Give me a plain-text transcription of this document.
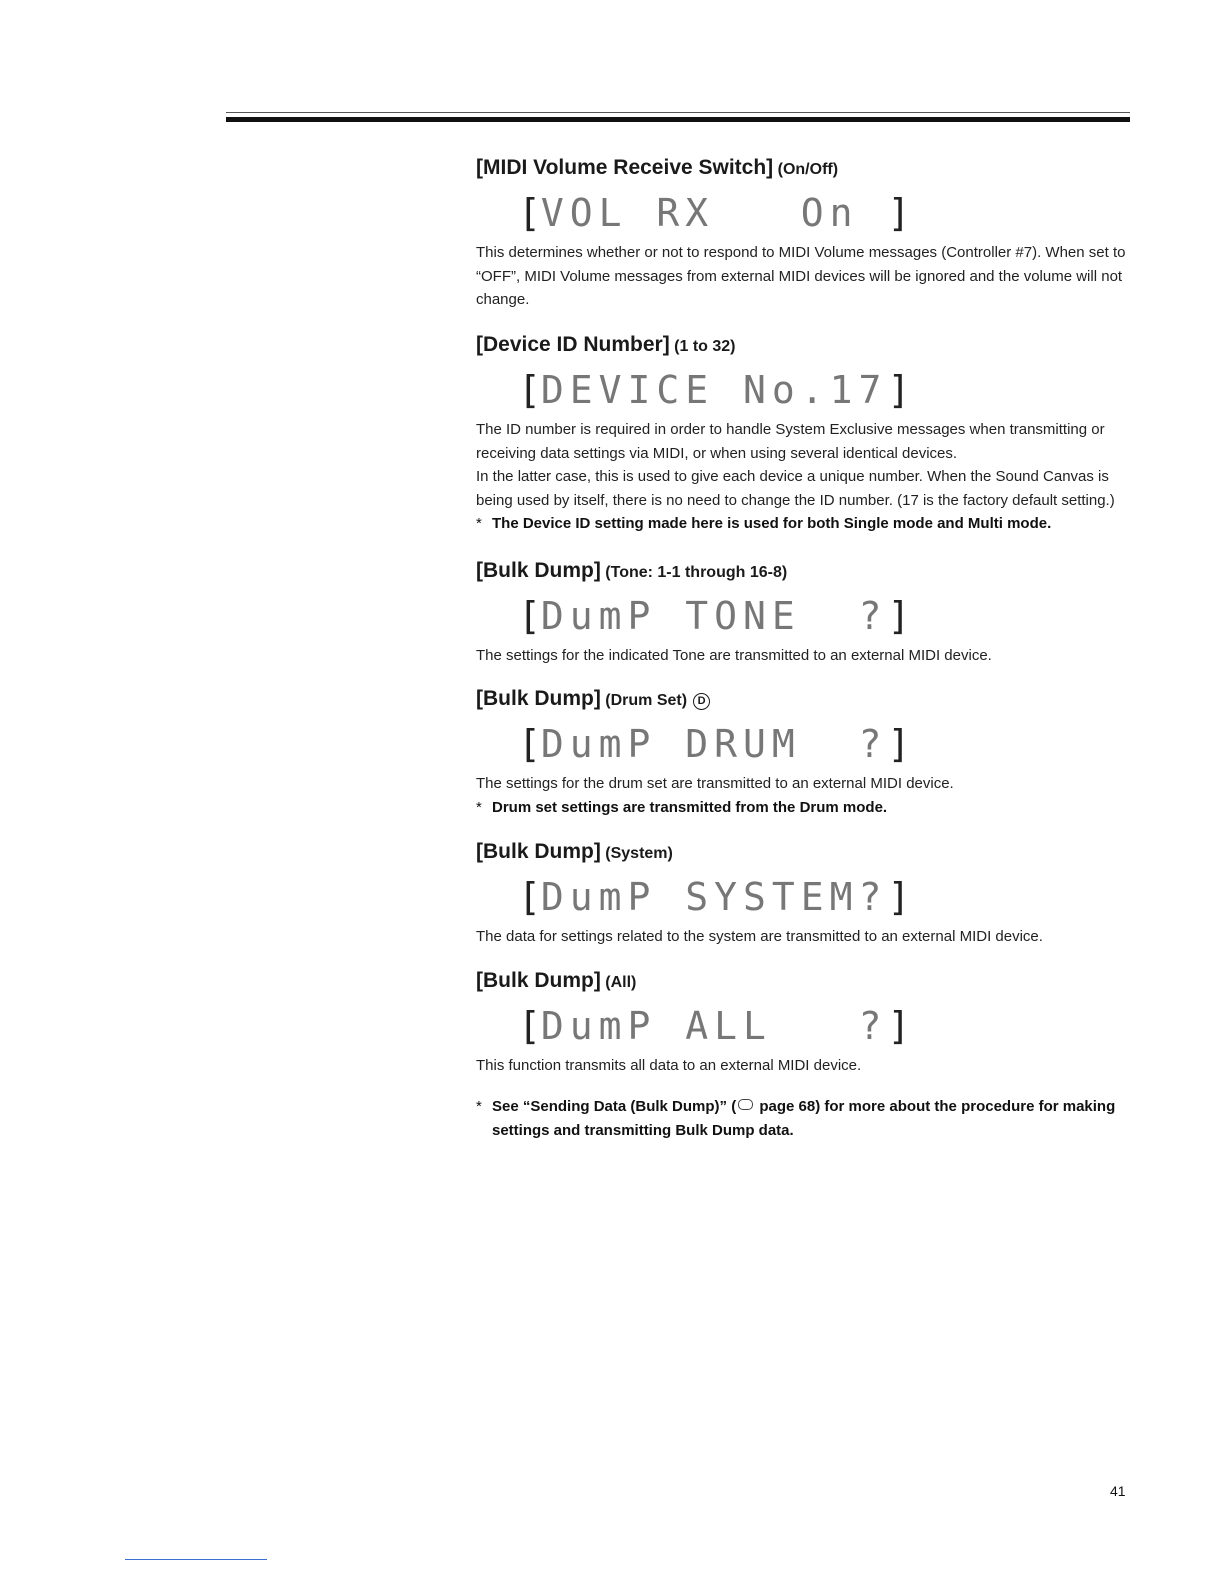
[MIDI Volume Receive Switch] (On/Off)
[VOL RX   On ]

This determines whether or not to respond to MIDI Volume messages (Controller #7). When set to “OFF”, MIDI Volume messages from external MIDI devices will be ignored and the volume will not change.

[Device ID Number] (1 to 32)
[DEVICE No.17]

The ID number is required in order to handle System Exclusive messages when transmitting or receiving data settings via MIDI, or when using several identical devices.

In the latter case, this is used to give each device a unique number. When the Sound Canvas is being used by itself, there is no need to change the ID number. (17 is the factory default setting.)

* The Device ID setting made here is used for both Single mode and Multi mode.

[Bulk Dump] (Tone: 1-1 through 16-8)
[DumP TONE  ?]

The settings for the indicated Tone are transmitted to an external MIDI device.

[Bulk Dump] (Drum Set) D
[DumP DRUM  ?]

The settings for the drum set are transmitted to an external MIDI device.

* Drum set settings are transmitted from the Drum mode.

[Bulk Dump] (System)
[DumP SYSTEM?]

The data for settings related to the system are transmitted to an external MIDI device.

[Bulk Dump] (All)
[DumP ALL   ?]

This function transmits all data to an external MIDI device.

* See “Sending Data (Bulk Dump)” ( page 68) for more about the procedure for making settings and transmitting Bulk Dump data.

41
